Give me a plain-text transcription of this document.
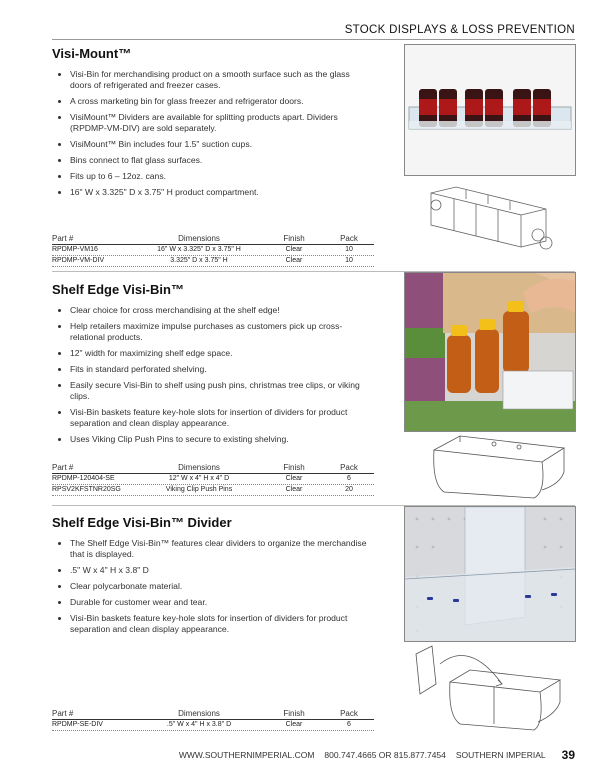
STOCK DISPLAYS & LOSS PREVENTION
Visi-Mount™
• Visi-Bin for merchandising product on a smooth surface such as the glass doors of refrigerated and freezer cases.
• A cross marketing bin for glass freezer and refrigerator doors.
• VisiMount™ Dividers are available for splitting products apart. Dividers (RPDMP-VM-DIV) are sold separately.
• VisiMount™ Bin includes four 1.5" suction cups.
• Bins connect to flat glass surfaces.
• Fits up to 6 – 12oz. cans.
• 16" W x 3.325" D x 3.75" H product compartment.
Part #	Dimensions	Finish	Pack
RPDMP-VM16	16" W x 3.325" D x 3.75" H	Clear	10
RPDMP-VM-DIV	3.325" D x 3.75" H	Clear	10
Shelf Edge Visi-Bin™
• Clear choice for cross merchandising at the shelf edge!
• Help retailers maximize impulse purchases as customers pick up cross-relational products.
• 12" width for maximizing shelf edge space.
• Fits in standard perforated shelving.
• Easily secure Visi-Bin to shelf using push pins, christmas tree clips, or viking clips.
• Visi-Bin baskets feature key-hole slots for insertion of dividers for product separation and clean display appearance.
• Uses Viking Clip Push Pins to secure to existing shelving.
Part #	Dimensions	Finish	Pack
RPDMP-120404-SE	12" W x 4" H x 4" D	Clear	6
RPSV2KFSTNR20SG	Viking Clip Push Pins	Clear	20
Shelf Edge Visi-Bin™ Divider
• The Shelf Edge Visi-Bin™ features clear dividers to organize the merchandise that is displayed.
• .5" W x 4" H x 3.8" D
• Clear polycarbonate material.
• Durable for customer wear and tear.
• Visi-Bin baskets feature key-hole slots for insertion of dividers for product separation and clean display appearance.
Part #	Dimensions	Finish	Pack
RPDMP-SE-DIV	.5" W x 4" H x 3.8" D	Clear	6
WWW.SOUTHERNIMPERIAL.COM 800.747.4665 OR 815.877.7454 SOUTHERN IMPERIAL 39
